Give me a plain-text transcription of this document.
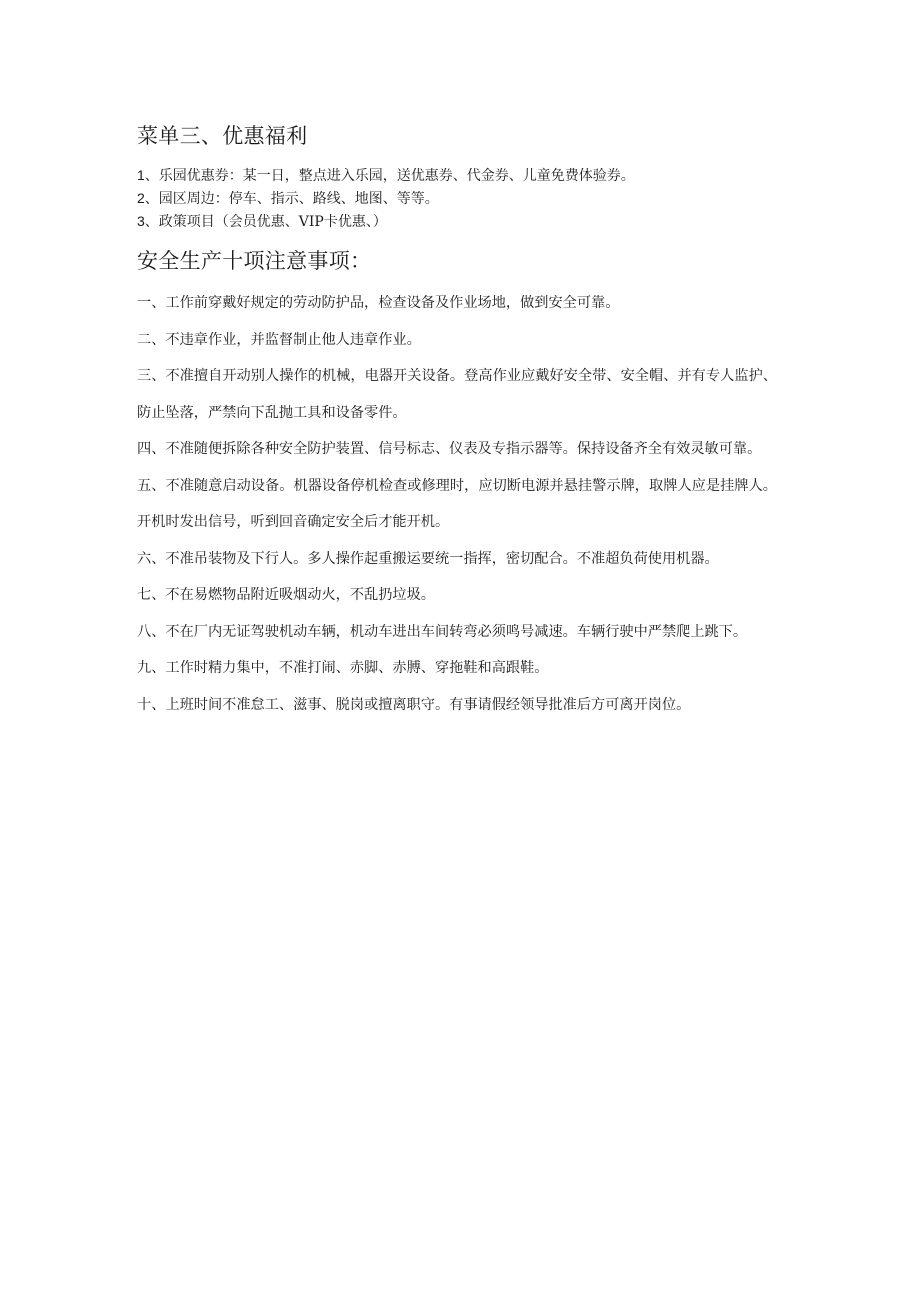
菜单三、优惠福利
1、乐园优惠券：某一日，整点进入乐园，送优惠券、代金券、儿童免费体验券。
2、园区周边：停车、指示、路线、地图、等等。
3、政策项目（会员优惠、VIP卡优惠、）
安全生产十项注意事项：

一、工作前穿戴好规定的劳动防护品，检查设备及作业场地，做到安全可靠。

二、不违章作业，并监督制止他人违章作业。

三、不准擅自开动别人操作的机械，电器开关设备。登高作业应戴好安全带、安全帽、并有专人监护、防止坠落，严禁向下乱抛工具和设备零件。

四、不准随便拆除各种安全防护装置、信号标志、仪表及专指示器等。保持设备齐全有效灵敏可靠。

五、不准随意启动设备。机器设备停机检查或修理时，应切断电源并悬挂警示牌，取牌人应是挂牌人。开机时发出信号，听到回音确定安全后才能开机。

六、不准吊装物及下行人。多人操作起重搬运要统一指挥，密切配合。不准超负荷使用机器。

七、不在易燃物品附近吸烟动火，不乱扔垃圾。

八、不在厂内无证驾驶机动车辆，机动车进出车间转弯必须鸣号减速。车辆行驶中严禁爬上跳下。

九、工作时精力集中，不准打闹、赤脚、赤膊、穿拖鞋和高跟鞋。

十、上班时间不准怠工、滋事、脱岗或擅离职守。有事请假经领导批准后方可离开岗位。
